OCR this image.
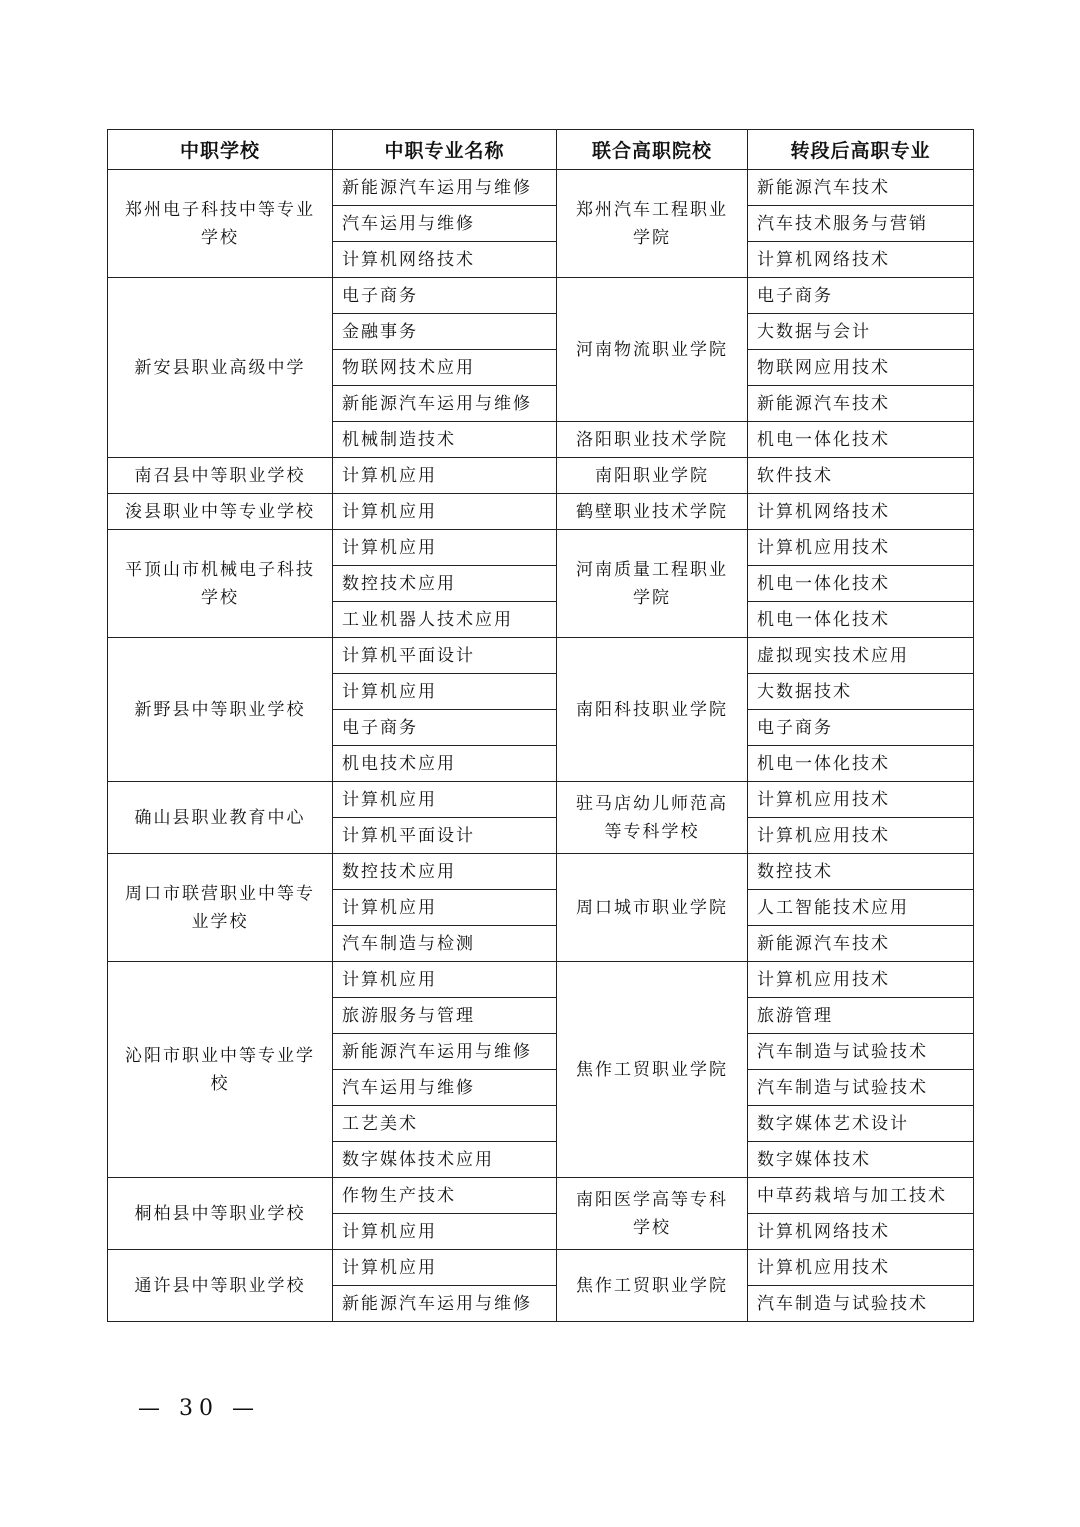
中职学校	中职专业名称	联合高职院校	转段后高职专业
郑州电子科技中等专业学校	新能源汽车运用与维修	郑州汽车工程职业学院	新能源汽车技术
	汽车运用与维修		汽车技术服务与营销
	计算机网络技术		计算机网络技术
新安县职业高级中学	电子商务	河南物流职业学院	电子商务
	金融事务		大数据与会计
	物联网技术应用		物联网应用技术
	新能源汽车运用与维修		新能源汽车技术
	机械制造技术	洛阳职业技术学院	机电一体化技术
南召县中等职业学校	计算机应用	南阳职业学院	软件技术
浚县职业中等专业学校	计算机应用	鹤壁职业技术学院	计算机网络技术
平顶山市机械电子科技学校	计算机应用	河南质量工程职业学院	计算机应用技术
	数控技术应用		机电一体化技术
	工业机器人技术应用		机电一体化技术
新野县中等职业学校	计算机平面设计	南阳科技职业学院	虚拟现实技术应用
	计算机应用		大数据技术
	电子商务		电子商务
	机电技术应用		机电一体化技术
确山县职业教育中心	计算机应用	驻马店幼儿师范高等专科学校	计算机应用技术
	计算机平面设计		计算机应用技术
周口市联营职业中等专业学校	数控技术应用	周口城市职业学院	数控技术
	计算机应用		人工智能技术应用
	汽车制造与检测		新能源汽车技术
沁阳市职业中等专业学校	计算机应用	焦作工贸职业学院	计算机应用技术
	旅游服务与管理		旅游管理
	新能源汽车运用与维修		汽车制造与试验技术
	汽车运用与维修		汽车制造与试验技术
	工艺美术		数字媒体艺术设计
	数字媒体技术应用		数字媒体技术
桐柏县中等职业学校	作物生产技术	南阳医学高等专科学校	中草药栽培与加工技术
	计算机应用		计算机网络技术
通许县中等职业学校	计算机应用	焦作工贸职业学院	计算机应用技术
	新能源汽车运用与维修		汽车制造与试验技术
— 30 —
